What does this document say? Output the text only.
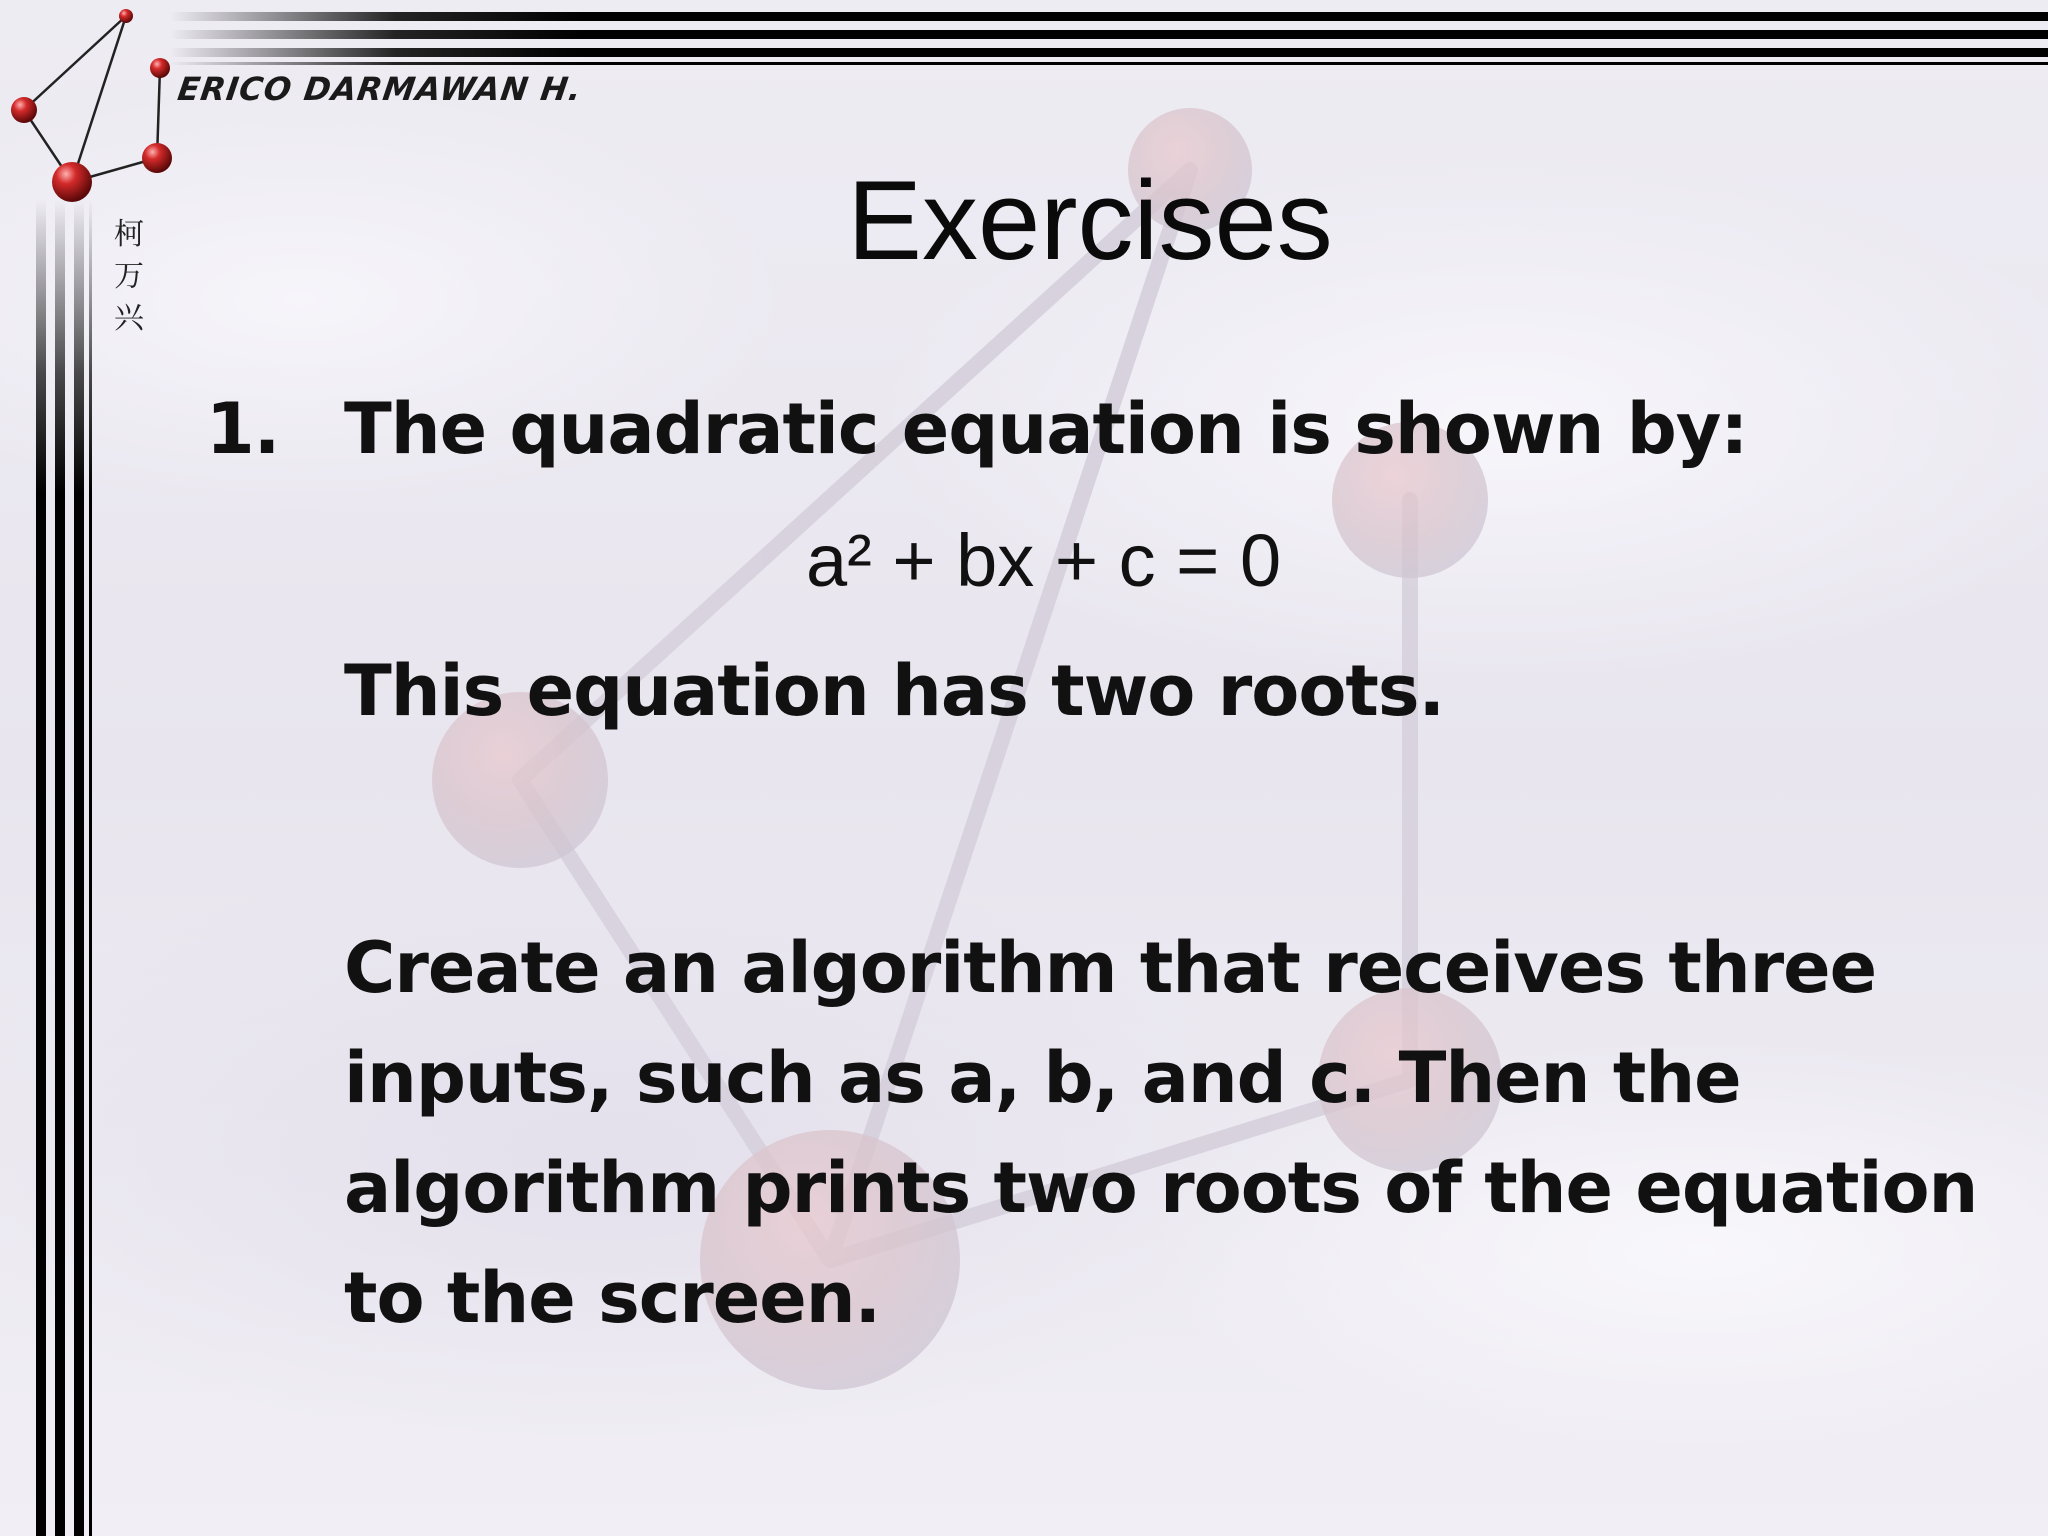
ERICO DARMAWAN H.
柯
万
兴
Exercises
1. The quadratic equation is shown by:
a² + bx + c = 0
This equation has two roots.
Create an algorithm that receives three
inputs, such as a, b, and c. Then the
algorithm prints two roots of the equation
to the screen.
